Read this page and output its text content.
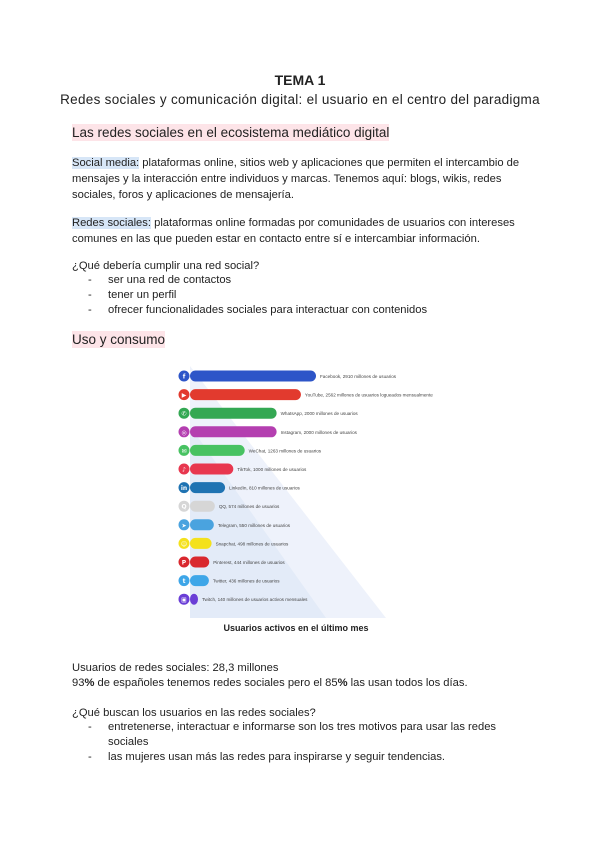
TEMA 1
Redes sociales y comunicación digital: el usuario en el centro del paradigma
Las redes sociales en el ecosistema mediático digital
Social media: plataformas online, sitios web y aplicaciones que permiten el intercambio de mensajes y la interacción entre individuos y marcas. Tenemos aquí: blogs, wikis, redes sociales, foros y aplicaciones de mensajería.
Redes sociales: plataformas online formadas por comunidades de usuarios con intereses comunes en las que pueden estar en contacto entre sí e intercambiar información.
¿Qué debería cumplir una red social?
- ser una red de contactos
- tener un perfil
- ofrecer funcionalidades sociales para interactuar con contenidos
Uso y consumo
f	Facebook, 2910 millones de usuarios
▶	YouTube, 2562 millones de usuarios logueados mensualmente
✆	WhatsApp, 2000 millones de usuarios
◎	Instagram, 2000 millones de usuarios
✉	WeChat, 1263 millones de usuarios
♪	TikTok, 1000 millones de usuarios
in	LinkedIn, 810 millones de usuarios
Q	QQ, 574 millones de usuarios
➤	Telegram, 550 millones de usuarios
☺	Snapchat, 498 millones de usuarios
P	Pinterest, 444 millones de usuarios
t	Twitter, 436 millones de usuarios
▣	Twitch, 140 millones de usuarios activos mensuales
Usuarios activos en el último mes
Usuarios de redes sociales: 28,3 millones
93% de españoles tenemos redes sociales pero el 85% las usan todos los días.
¿Qué buscan los usuarios en las redes sociales?
- entretenerse, interactuar e informarse son los tres motivos para usar las redes sociales
- las mujeres usan más las redes para inspirarse y seguir tendencias.
